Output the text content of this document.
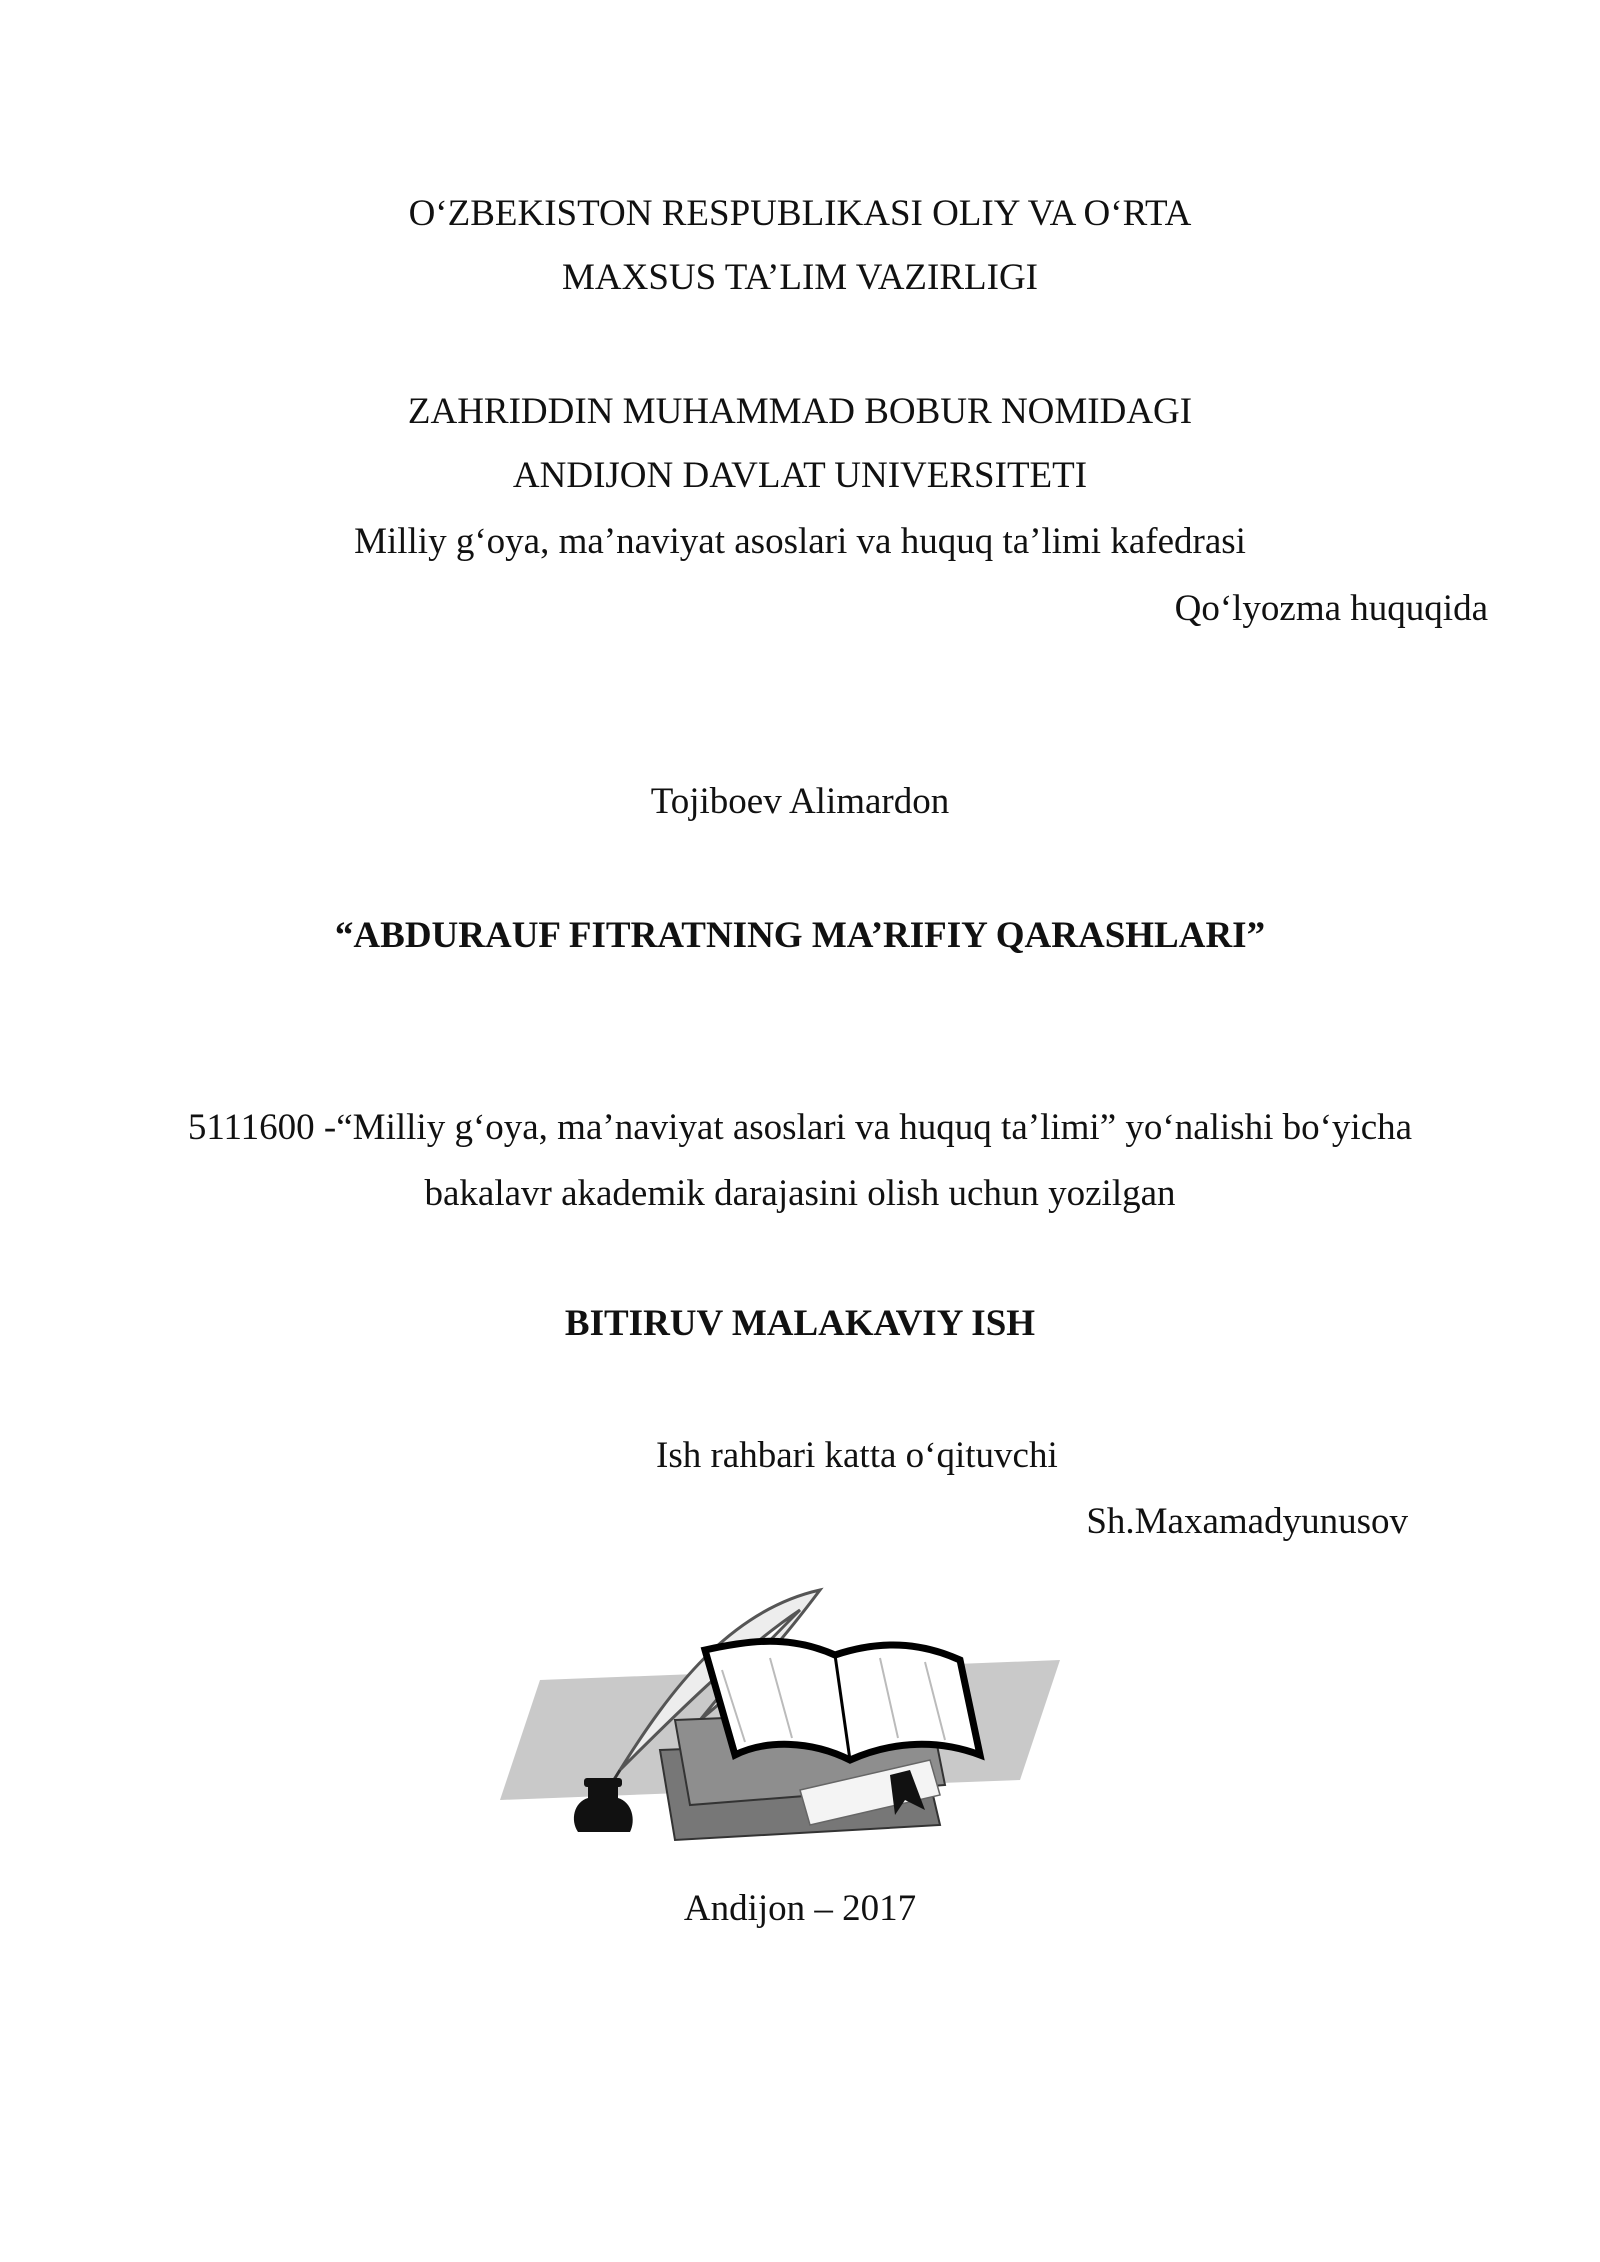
O‘ZBEKISTON RESPUBLIKASI OLIY VA O‘RTA

MAXSUS TA’LIM VAZIRLIGI

ZAHRIDDIN MUHAMMAD BOBUR NOMIDAGI

ANDIJON DAVLAT UNIVERSITETI

Milliy g‘oya, ma’naviyat asoslari va huquq ta’limi kafedrasi

Qo‘lyozma huquqida

Tojiboev Alimardon

“ABDURAUF FITRATNING MA’RIFIY QARASHLARI”

5111600 -“Milliy g‘oya, ma’naviyat asoslari va huquq ta’limi” yo‘nalishi bo‘yicha

bakalavr akademik darajasini olish uchun yozilgan

BITIRUV MALAKAVIY ISH

Ish rahbari katta o‘qituvchi

Sh.Maxamadyunusov

Andijon – 2017
